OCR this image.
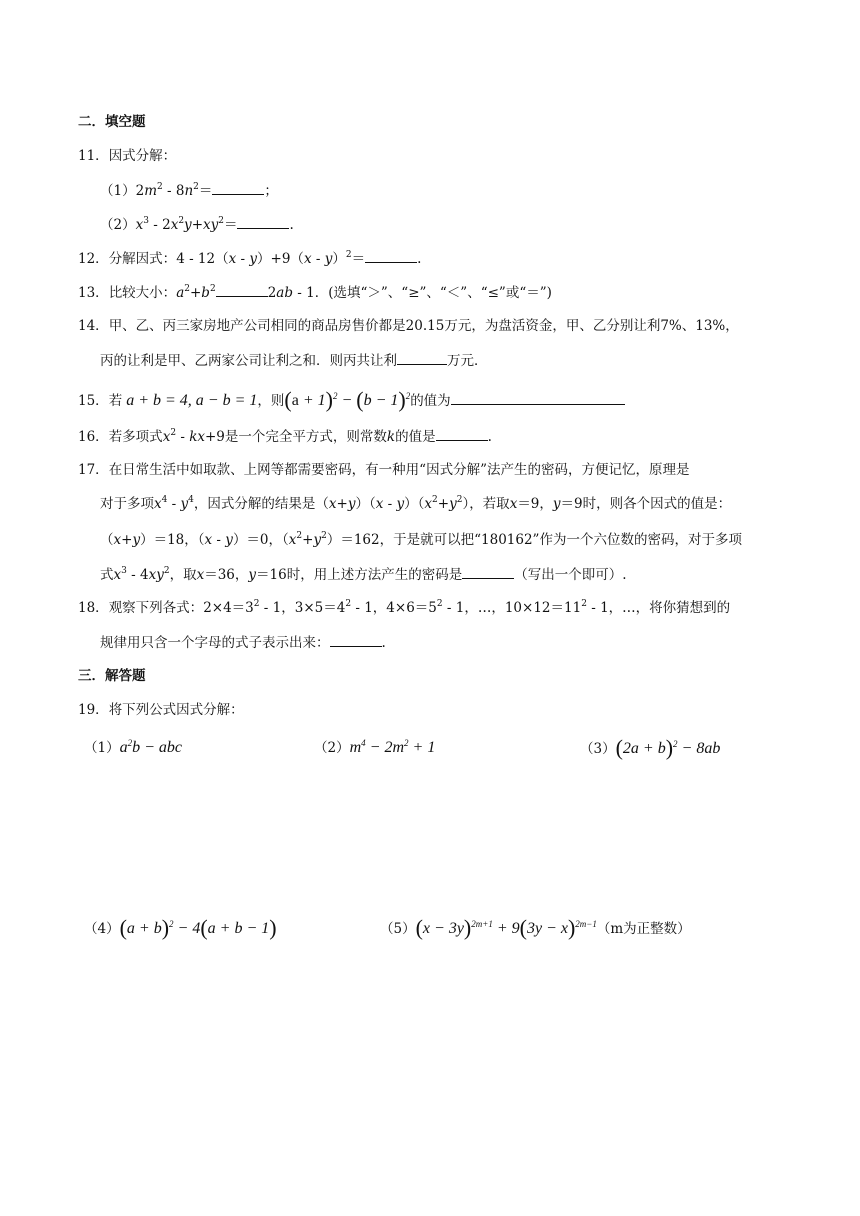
二．填空题
11．因式分解：
$(1)2m^2 - 8n^2=$	；
$(2)x^3 - 2x^2y+xy^2=$	.
12．分解因式：4 - 12（x - y）+9（x - y）$^2$＝	.
13．比较大小：$a^2+b^2$	2ab - 1．(选填“＞”、“≥”、“＜”、“≤”或“＝”)
14．甲、乙、丙三家房地产公司相同的商品房售价都是20.15万元，为盘活资金，甲、乙分别让利7%、13%，
丙的让利是甲、乙两家公司让利之和．则丙共让利	万元．
15．若 a + b = 4, a − b = 1，则$(a + 1)^2 - (b - 1)^2$的值为
16．若多项式$x^2 - kx+9$是一个完全平方式，则常数k的值是	.
17．在日常生活中如取款、上网等都需要密码，有一种用“因式分解”法产生的密码，方便记忆，原理是
对于多项$x^4 - y^4$，因式分解的结果是$(x+y)(x - y)(x^2+y^2)$，若取x＝9，y＝9时，则各个因式的值是：
（x+y）＝18，（x - y）＝0，$(x^2+y^2)=162$，于是就可以把“180162”作为一个六位数的密码，对于多项
式$x^3 - 4xy^2$，取x＝36，y＝16时，用上述方法产生的密码是	（写出一个即可）.
18．观察下列各式：$2\times 4=3^2 - 1$，$3\times 5=4^2 - 1$，$4\times 6=5^2 - 1$，…，$10\times 12=11^2 - 1$，…，将你猜想到的
规律用只含一个字母的式子表示出来：	.
三．解答题
19．将下列公式因式分解：
$(1)a^2b$ − abc	$(2)m^4 - 2m^2 + 1$	$(3)(2a + b)^2 - 8ab$
$(4)(a + b)^2 - 4(a + b - 1)$	$(5)(x - 3y)^{2m+1} + 9(3y - x)^{2m-1}(m$为正整数）
